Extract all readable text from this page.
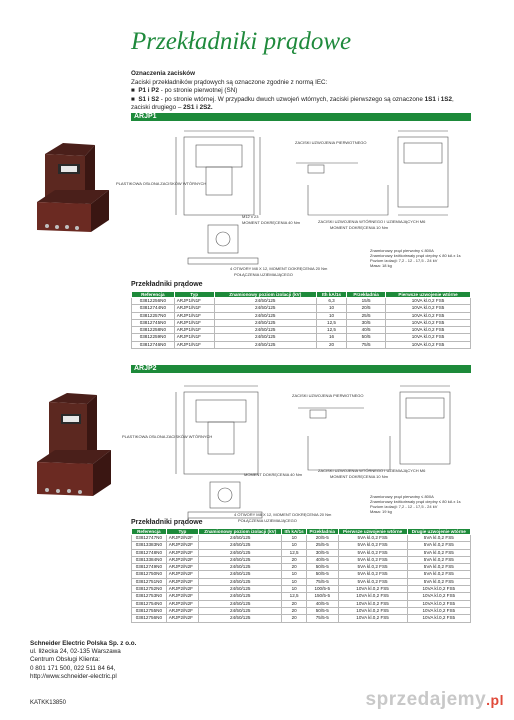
Przekładniki prądowe
Oznaczenia zacisków
Zaciski przekładników prądowych są oznaczone zgodnie z normą IEC:
■  P1 i P2 - po stronie pierwotnej (SN)
■  S1 i S2 - po stronie wtórnej. W przypadku dwuch uzwojeń wtórnych, zaciski pierwszego są oznaczone 1S1 i 1S2, zaciski drugiego – 2S1 i 2S2.
ARJP1
PLASTIKOWA OSŁONA ZACISKÓW WTÓRNYCH
ZACISKI UZWOJENIA PIERWOTNEGO
ZACISKI UZWOJENIA WTÓRNEGO I UZIEMIAJĄCYCH M6
MOMENT DOKRĘCENIA 10 Nm
M12 x 23
MOMENT DOKRĘCENIA 40 Nm
4 OTWORY M8 X 12, MOMENT DOKRĘCENIA 20 Nm
POŁĄCZENIA UZIEMIAJĄCEGO
Znamionowy prąd pierwotny ≤ 800A
Znamionowy krótkotrwały prąd cieplny ≤ 80 kA x 1s
Poziom izolacji: 7,2 - 12 - 17,5 - 24 kV
Masa: 18 kg
Przekładniki prądowe
Referencja	Typ	Znamionowy poziom izolacji (kV)	Ith kA/1s	Przekładnia	Pierwsze uzwojenie wtórne
03812256N0	ARJP1/N1F	24/50/125	6,3	15/5	10VA kl.0,2 FS5
03812744N0	ARJP1/N1F	24/50/125	10	20/5	10VA kl.0,2 FS5
03812257N0	ARJP1/N1F	24/50/125	10	25/5	10VA kl.0,2 FS5
03812745N0	ARJP1/N1F	24/50/125	12,5	30/5	10VA kl.0,2 FS5
03812258N0	ARJP1/N1F	24/50/125	12,5	40/5	10VA kl.0,2 FS5
03812259N0	ARJP1/N1F	24/50/125	16	50/5	10VA kl.0,2 FS5
03812746N0	ARJP1/N1F	24/50/125	20	75/5	10VA kl.0,2 FS5
ARJP2
PLASTIKOWA OSŁONA ZACISKÓW WTÓRNYCH
ZACISKI UZWOJENIA PIERWOTNEGO
ZACISKI UZWOJENIA WTÓRNEGO I UZIEMIAJĄCYCH M6
MOMENT DOKRĘCENIA 10 Nm
MOMENT DOKRĘCENIA 40 Nm
4 OTWORY M8 X 12, MOMENT DOKRĘCENIA 20 Nm
POŁĄCZENIA UZIEMIAJĄCEGO
Znamionowy prąd pierwotny ≤ 800A
Znamionowy krótkotrwały prąd cieplny ≤ 80 kA x 1s
Poziom izolacji: 7,2 - 12 - 17,5 - 24 kV
Masa: 19 kg
Przekładniki prądowe
Referencja	Typ	Znamionowy poziom izolacji (kV)	Ith kA/1s	Przekładnia	Pierwsze uzwojenie wtórne	Drugie uzwojenie wtórne
03812747N0	ARJP2/N2F	24/50/125	10	20/5-5	5VA kl.0,2 FS5	5VA kl.0,2 FS5
03813383N0	ARJP2/N2F	24/50/125	10	25/5-5	5VA kl.0,2 FS5	5VA kl.0,2 FS5
03812748N0	ARJP2/N2F	24/50/125	12,5	30/5-5	5VA kl.0,2 FS5	5VA kl.0,2 FS5
03813384N0	ARJP2/N2F	24/50/125	20	40/5-5	5VA kl.0,2 FS5	5VA kl.0,2 FS5
03812749N0	ARJP2/N2F	24/50/125	20	50/5-5	5VA kl.0,2 FS5	5VA kl.0,2 FS5
03812750N0	ARJP2/N2F	24/50/125	10	50/5-5	5VA kl.0,2 FS5	5VA kl.0,2 FS5
03812751N0	ARJP2/N2F	24/50/125	10	75/5-5	5VA kl.0,2 FS5	5VA kl.0,2 FS5
03812752N0	ARJP2/N2F	24/50/125	10	100/5-5	10VA kl.0,2 FS5	10VA kl.0,2 FS5
03812753N0	ARJP2/N2F	24/50/125	12,5	150/5-5	10VA kl.0,2 FS5	10VA kl.0,2 FS5
03812754N0	ARJP2/N2F	24/50/125	20	40/5-5	10VA kl.0,2 FS5	10VA kl.0,2 FS5
03812755N0	ARJP2/N2F	24/50/125	20	50/5-5	10VA kl.0,2 FS5	10VA kl.0,2 FS5
03812756N0	ARJP2/N2F	24/50/125	20	75/5-5	10VA kl.0,2 FS5	10VA kl.0,2 FS5
Schneider Electric Polska Sp. z o.o.
ul. Iłżecka 24, 02-135 Warszawa
Centrum Obsługi Klienta:
0 801 171 500, 022 511 84 64,
http://www.schneider-electric.pl
KATKK13850	sprzedajemy.pl
